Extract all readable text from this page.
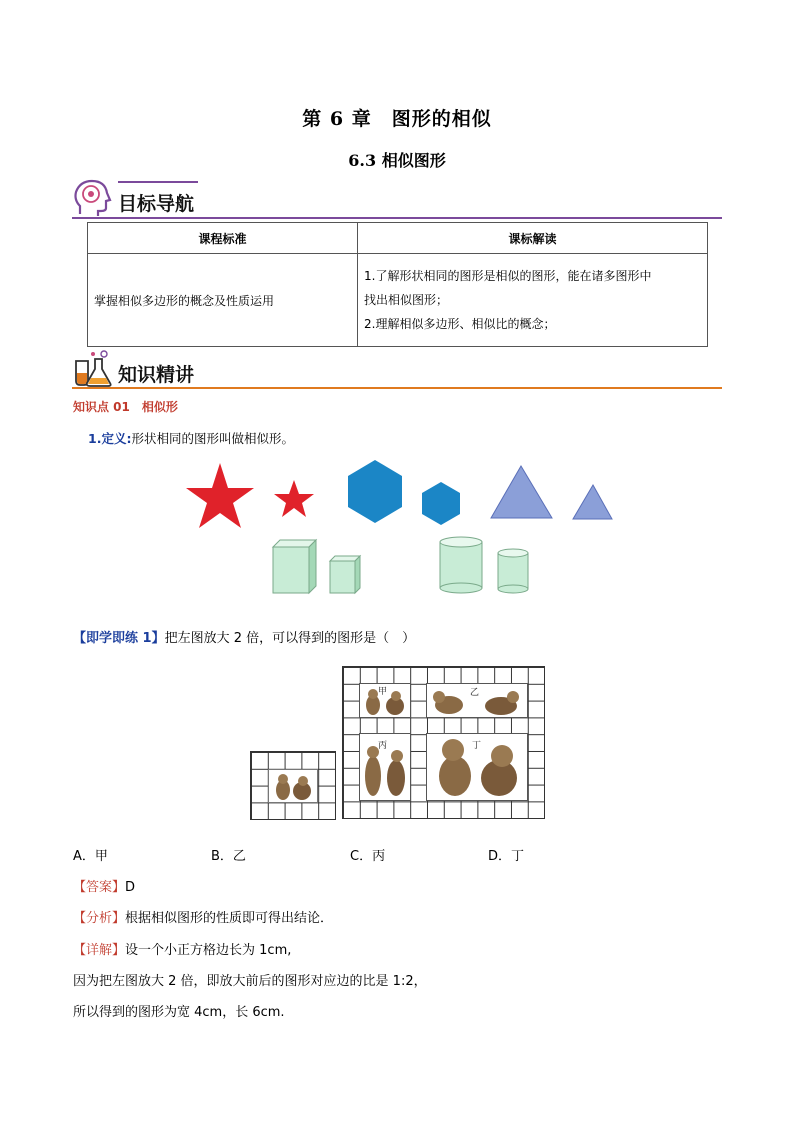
第 6 章　图形的相似
6.3 相似图形
目标导航
课程标准	课标解读
掌握相似多边形的概念及性质运用	1.了解形状相同的图形是相似的图形，能在诸多图形中
找出相似图形；
2.理解相似多边形、相似比的概念；
知识精讲
知识点 01　相似形
1.定义:形状相同的图形叫做相似形。
【即学即练 1】把左图放大 2 倍，可以得到的图形是（　）
甲	乙
丙	丁
A．甲	B．乙	C．丙	D．丁
【答案】D
【分析】根据相似图形的性质即可得出结论．
【详解】设一个小正方格边长为 1cm,
因为把左图放大 2 倍，即放大前后的图形对应边的比是 1:2，
所以得到的图形为宽 4cm，长 6cm.
